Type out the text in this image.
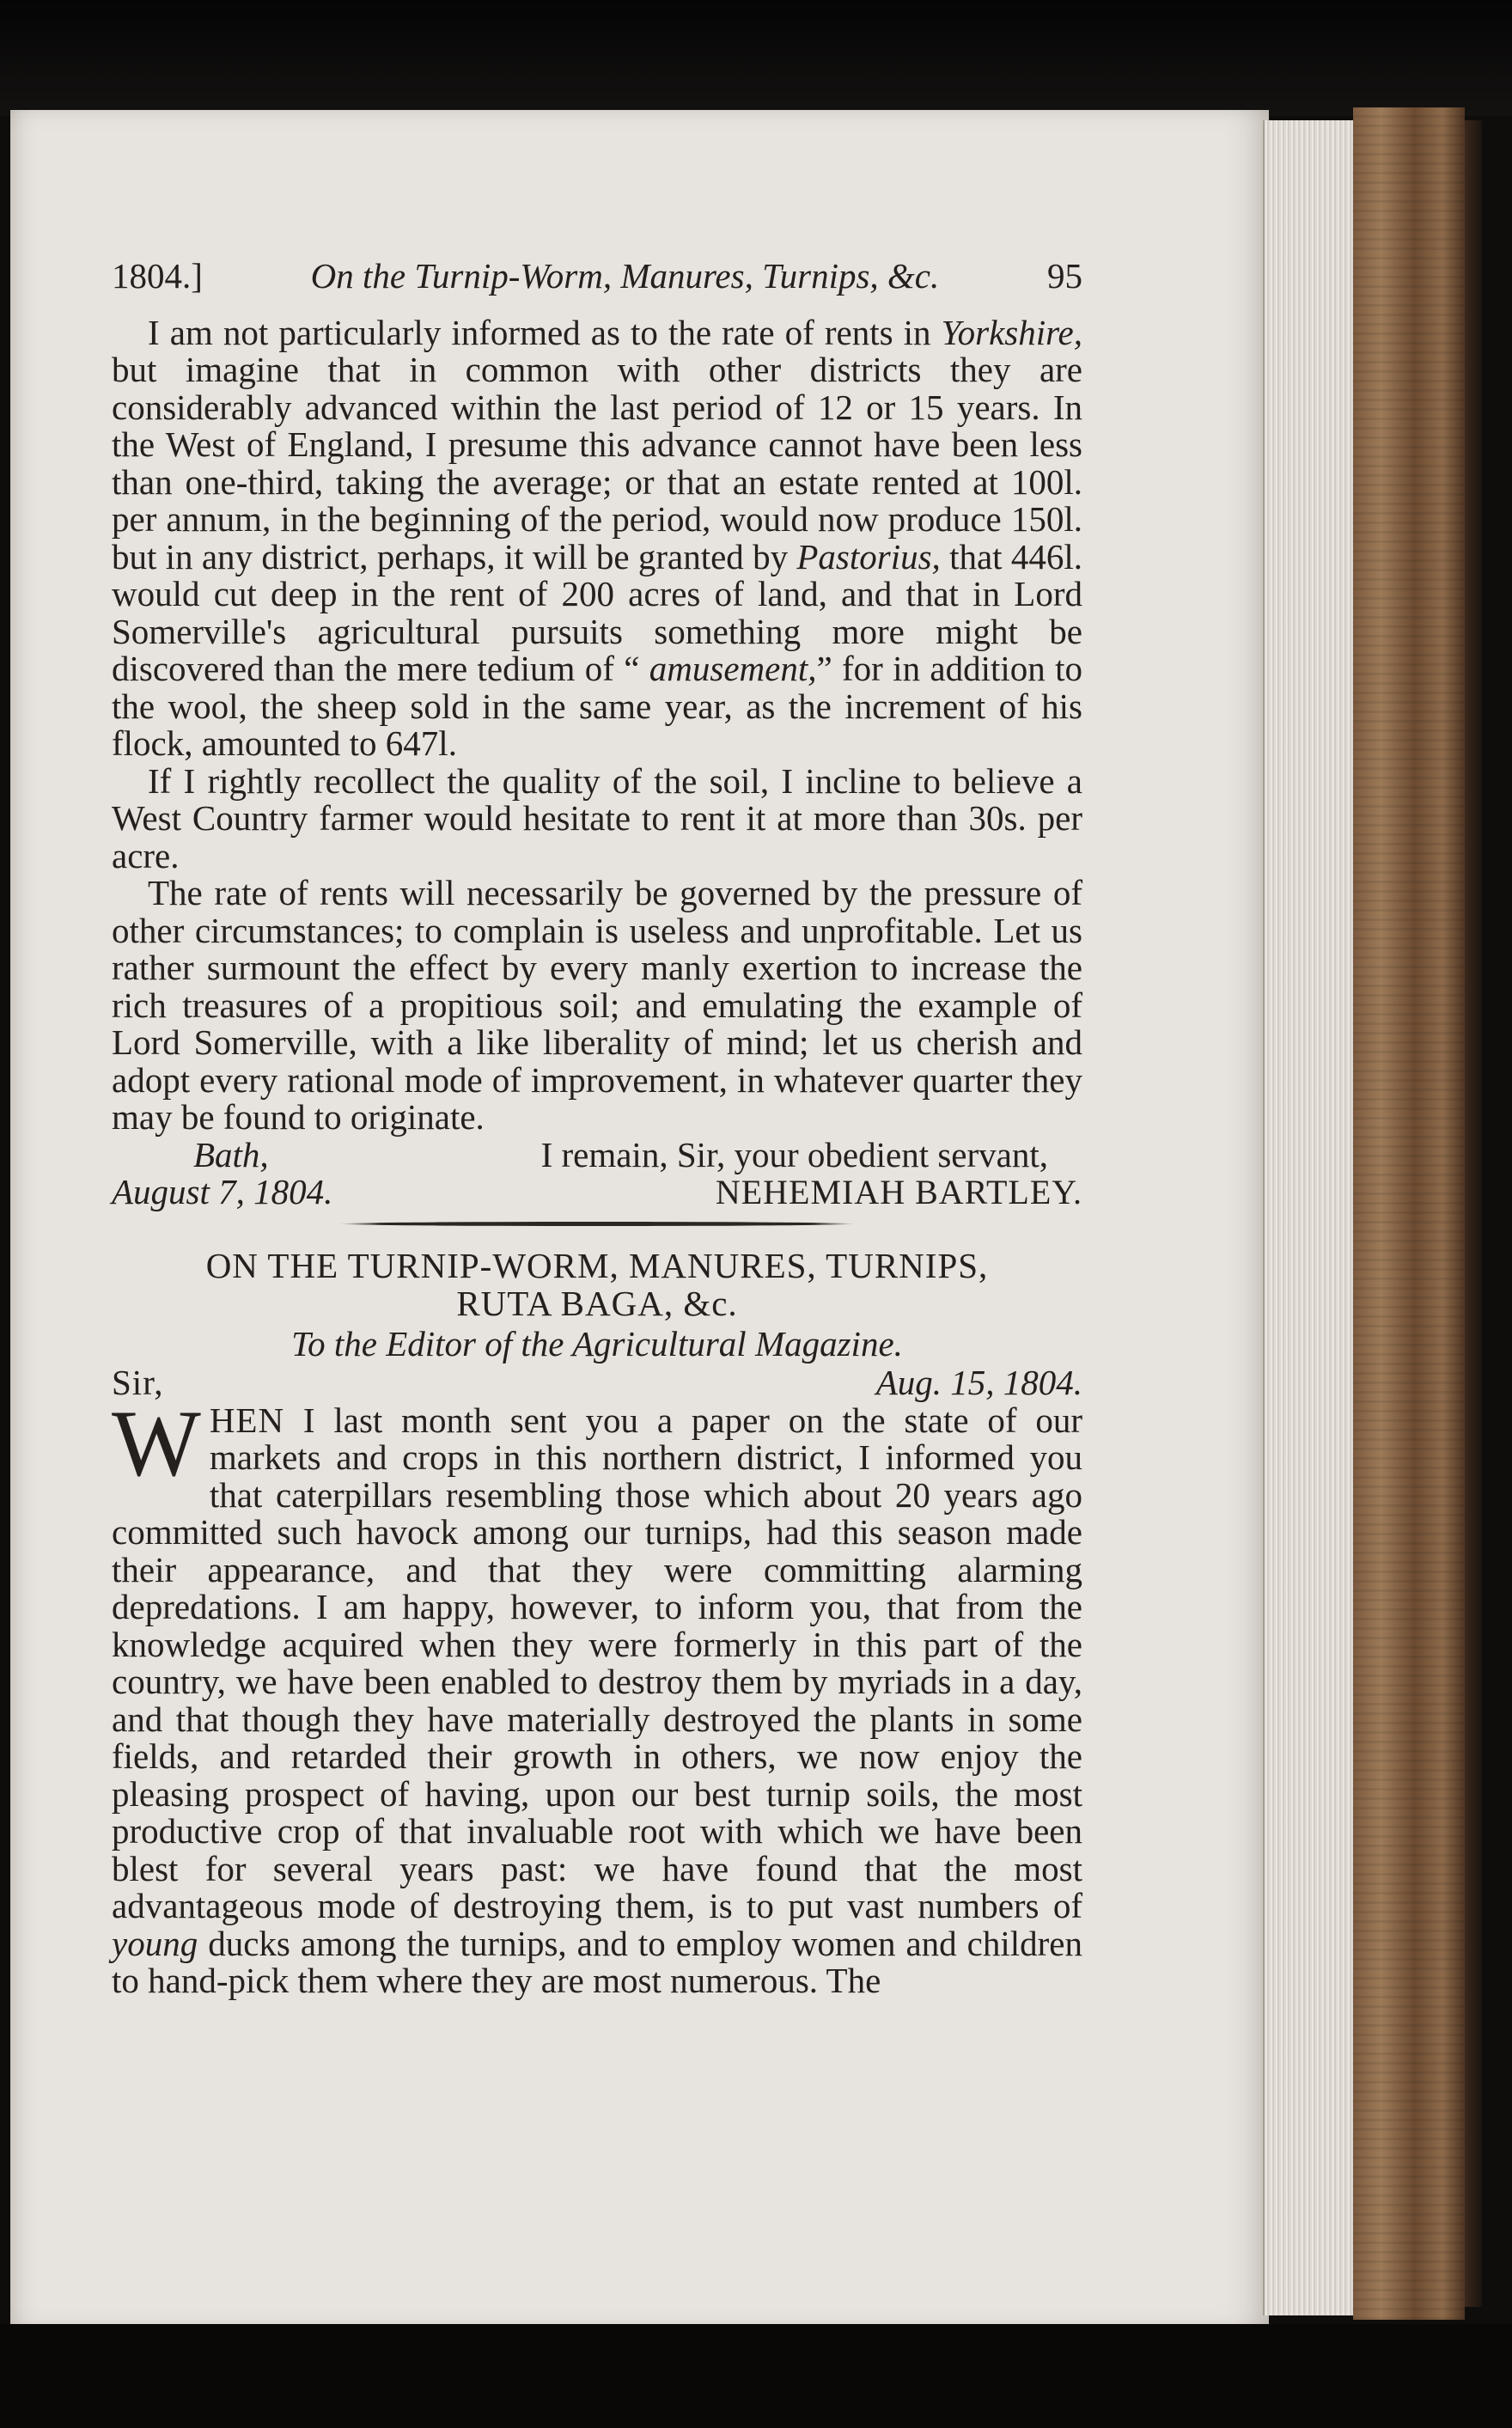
1804.]	On the Turnip-Worm, Manures, Turnips, &c.	95

I am not particularly informed as to the rate of rents in Yorkshire, but imagine that in common with other districts they are considerably advanced within the last period of 12 or 15 years. In the West of England, I presume this advance cannot have been less than one-third, taking the average; or that an estate rented at 100l. per annum, in the beginning of the period, would now produce 150l. but in any district, perhaps, it will be granted by Pastorius, that 446l. would cut deep in the rent of 200 acres of land, and that in Lord Somerville's agricultural pursuits something more might be discovered than the mere tedium of “ amusement,” for in addition to the wool, the sheep sold in the same year, as the increment of his flock, amounted to 647l.

If I rightly recollect the quality of the soil, I incline to believe a West Country farmer would hesitate to rent it at more than 30s. per acre.

The rate of rents will necessarily be governed by the pressure of other circumstances; to complain is useless and unprofitable. Let us rather surmount the effect by every manly exertion to increase the rich treasures of a propitious soil; and emulating the example of Lord Somerville, with a like liberality of mind; let us cherish and adopt every rational mode of improvement, in whatever quarter they may be found to originate.

Bath,	I remain, Sir, your obedient servant,
August 7, 1804.	NEHEMIAH BARTLEY.
ON THE TURNIP-WORM, MANURES, TURNIPS,
RUTA BAGA, &c.
To the Editor of the Agricultural Magazine.
Sir,	Aug. 15, 1804.

WHEN I last month sent you a paper on the state of our markets and crops in this northern district, I informed you that caterpillars resembling those which about 20 years ago committed such havock among our turnips, had this season made their appearance, and that they were committing alarming depredations. I am happy, however, to inform you, that from the knowledge acquired when they were formerly in this part of the country, we have been enabled to destroy them by myriads in a day, and that though they have materially destroyed the plants in some fields, and retarded their growth in others, we now enjoy the pleasing prospect of having, upon our best turnip soils, the most productive crop of that invaluable root with which we have been blest for several years past: we have found that the most advantageous mode of destroying them, is to put vast numbers of young ducks among the turnips, and to employ women and children to hand-pick them where they are most numerous. The
